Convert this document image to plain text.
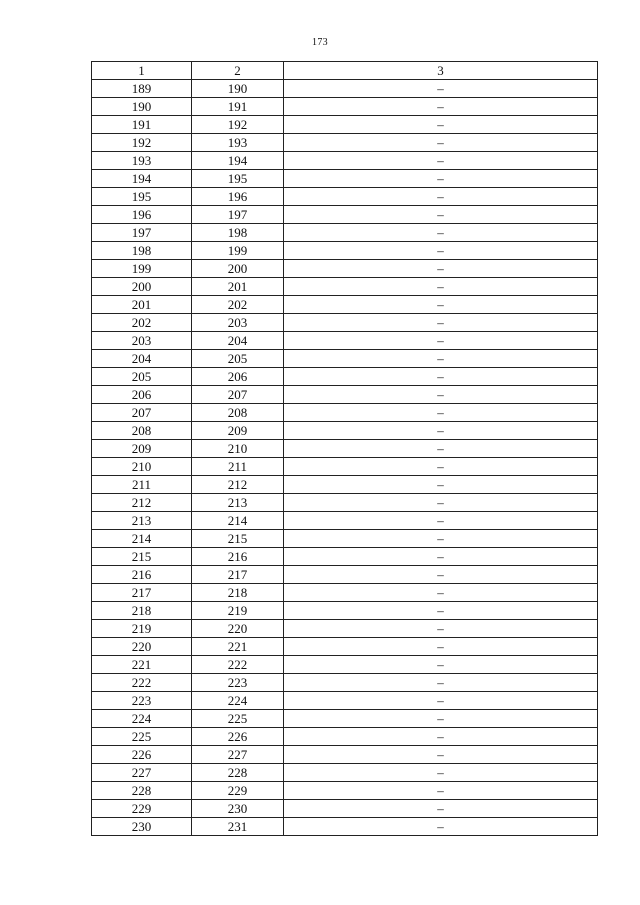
173
1	2	3
189	190	–
190	191	–
191	192	–
192	193	–
193	194	–
194	195	–
195	196	–
196	197	–
197	198	–
198	199	–
199	200	–
200	201	–
201	202	–
202	203	–
203	204	–
204	205	–
205	206	–
206	207	–
207	208	–
208	209	–
209	210	–
210	211	–
211	212	–
212	213	–
213	214	–
214	215	–
215	216	–
216	217	–
217	218	–
218	219	–
219	220	–
220	221	–
221	222	–
222	223	–
223	224	–
224	225	–
225	226	–
226	227	–
227	228	–
228	229	–
229	230	–
230	231	–
